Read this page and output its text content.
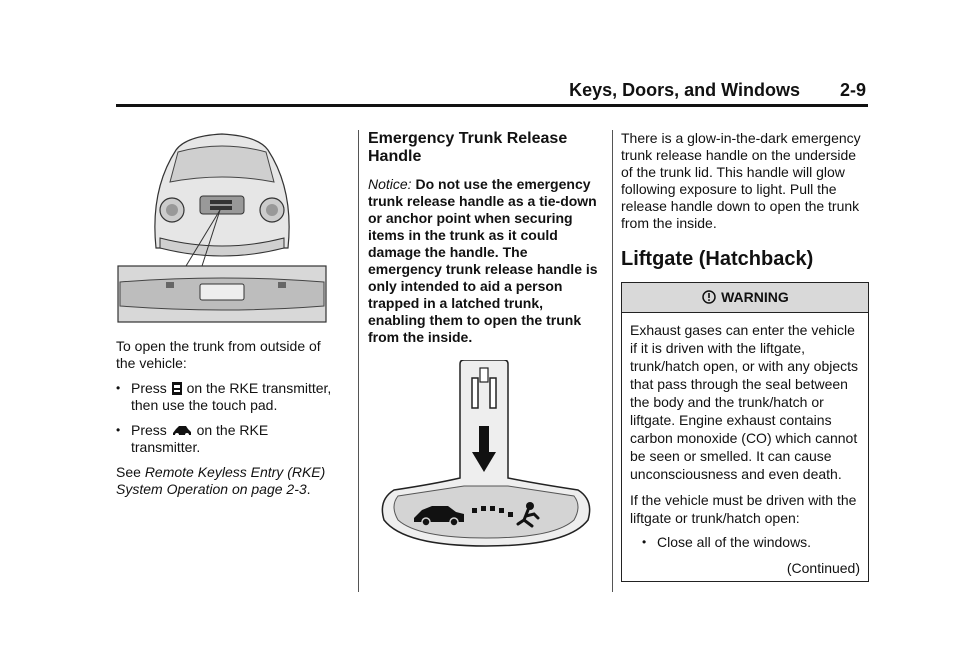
Keys, Doors, and Windows 2-9

To open the trunk from outside of the vehicle:

• Press on the RKE transmitter, then use the touch pad.
• Press on the RKE transmitter.

See Remote Keyless Entry (RKE) System Operation on page 2-3.

Emergency Trunk Release Handle

Notice: Do not use the emergency trunk release handle as a tie-down or anchor point when securing items in the trunk as it could damage the handle. The emergency trunk release handle is only intended to aid a person trapped in a latched trunk, enabling them to open the trunk from the inside.

There is a glow-in-the-dark emergency trunk release handle on the underside of the trunk lid. This handle will glow following exposure to light. Pull the release handle down to open the trunk from the inside.

Liftgate (Hatchback)
WARNING

Exhaust gases can enter the vehicle if it is driven with the liftgate, trunk/hatch open, or with any objects that pass through the seal between the body and the trunk/hatch or liftgate. Engine exhaust contains carbon monoxide (CO) which cannot be seen or smelled. It can cause unconsciousness and even death.

If the vehicle must be driven with the liftgate or trunk/hatch open:

• Close all of the windows.
(Continued)
